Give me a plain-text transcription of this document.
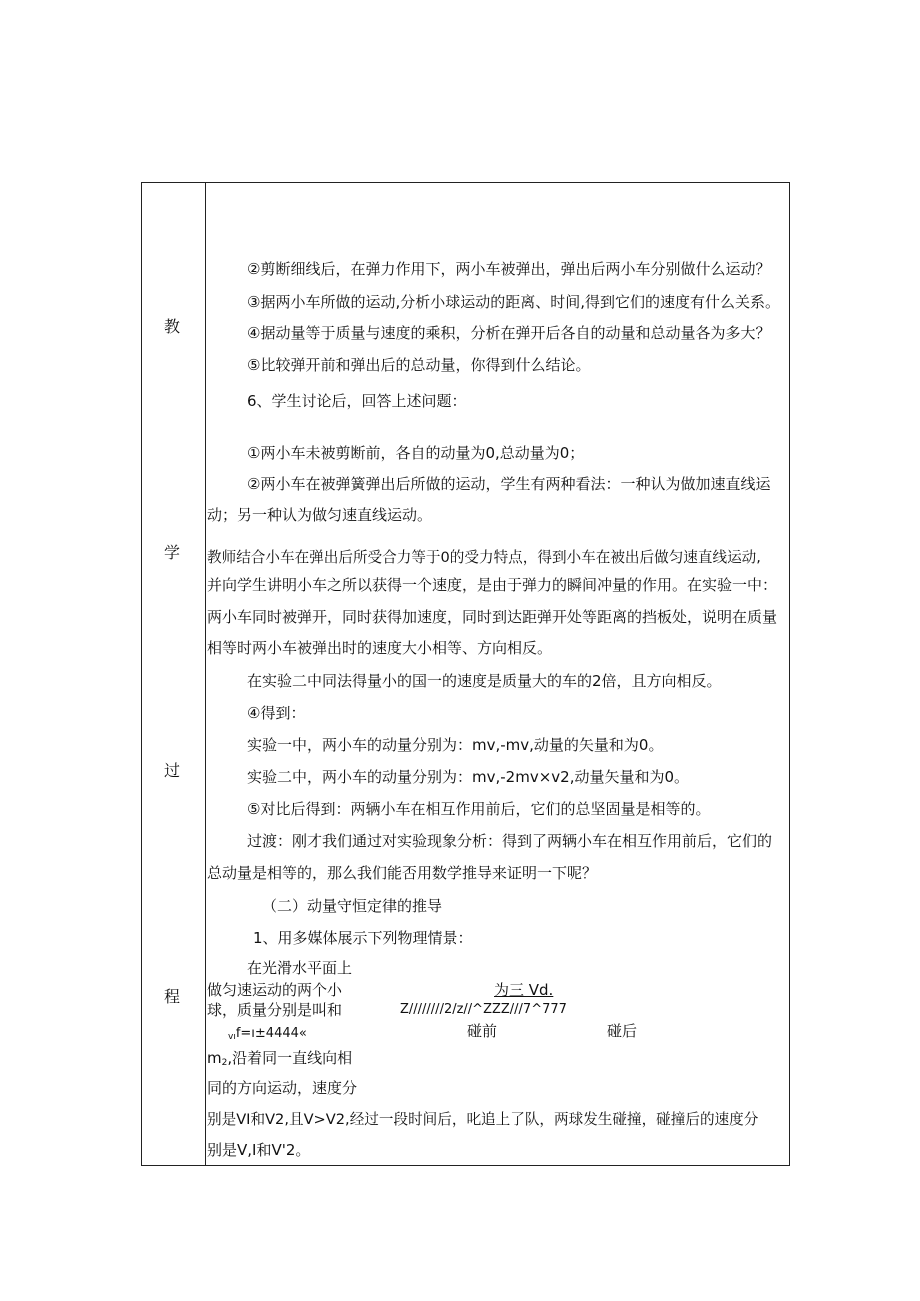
教
学
过
程
②剪断细线后，在弹力作用下，两小车被弹出，弹出后两小车分别做什么运动？
③据两小车所做的运动,分析小球运动的距离、时间,得到它们的速度有什么关系。
④据动量等于质量与速度的乘积，分析在弹开后各自的动量和总动量各为多大？
⑤比较弹开前和弹出后的总动量，你得到什么结论。
6、学生讨论后，回答上述问题：
①两小车未被剪断前，各自的动量为0,总动量为0；
②两小车在被弹簧弹出后所做的运动，学生有两种看法：一种认为做加速直线运
动；另一种认为做匀速直线运动。
教师结合小车在弹出后所受合力等于0的受力特点，得到小车在被出后做匀速直线运动,
并向学生讲明小车之所以获得一个速度，是由于弹力的瞬间冲量的作用。在实验一中：
两小车同时被弹开，同时获得加速度，同时到达距弹开处等距离的挡板处，说明在质量
相等时两小车被弹出时的速度大小相等、方向相反。
在实验二中同法得量小的国一的速度是质量大的车的2倍，且方向相反。
④得到：
实验一中，两小车的动量分别为：mv,-mv,动量的矢量和为0。
实验二中，两小车的动量分别为：mv,-2mv×v2,动量矢量和为0。
⑤对比后得到：两辆小车在相互作用前后，它们的总坚固量是相等的。
过渡：刚才我们通过对实验现象分析：得到了两辆小车在相互作用前后，它们的
总动量是相等的，那么我们能否用数学推导来证明一下呢？
（二）动量守恒定律的推导
1、用多媒体展示下列物理情景：
在光滑水平面上
做匀速运动的两个小	为三 Vd.
球，质量分别是叫和	Z////////2/z//^ZZZ///7^777
$_{vı}$f=ı±4444«	碰前	碰后
$m_2$,沿着同一直线向相
同的方向运动，速度分
别是VI和V2,且V>V2,经过一段时间后，叱追上了队，两球发生碰撞，碰撞后的速度分
别是V,I和V'2。
